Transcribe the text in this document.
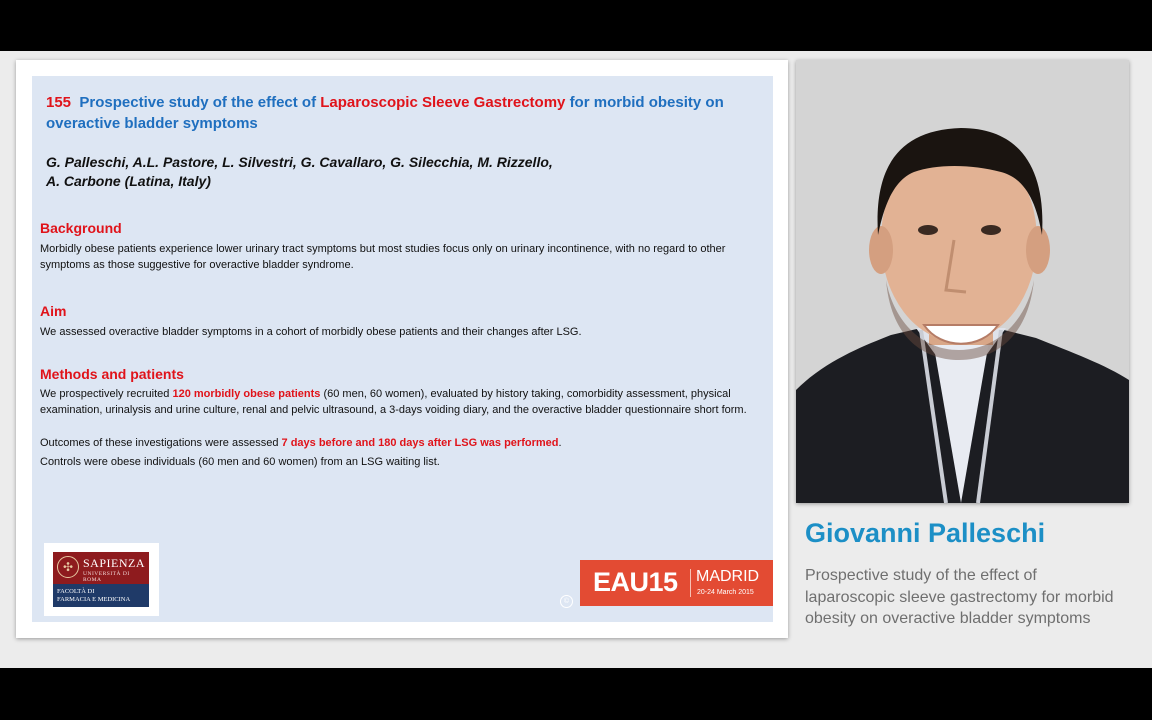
155 Prospective study of the effect of Laparoscopic Sleeve Gastrectomy for morbid obesity on overactive bladder symptoms
G. Palleschi, A.L. Pastore, L. Silvestri, G. Cavallaro, G. Silecchia, M. Rizzello,
A. Carbone (Latina, Italy)
Background
Morbidly obese patients experience lower urinary tract symptoms but most studies focus only on urinary incontinence, with no regard to other symptoms as those suggestive for overactive bladder syndrome.
Aim
We assessed overactive bladder symptoms in a cohort of morbidly obese patients and their changes after LSG.
Methods and patients
We prospectively recruited 120 morbidly obese patients (60 men, 60 women), evaluated by history taking, comorbidity assessment, physical examination, urinalysis and urine culture, renal and pelvic ultrasound, a 3-days voiding diary, and the overactive bladder questionnaire short form.
Outcomes of these investigations were assessed 7 days before and 180 days after LSG was performed.
Controls were obese individuals (60 men and 60 women) from an LSG waiting list.
✣ SAPIENZA
UNIVERSITÀ DI ROMA
FACOLTÀ DI
FARMACIA E MEDICINA	©
EAU15 MADRID
20-24 March 2015
Giovanni Palleschi
Prospective study of the effect of laparoscopic sleeve gastrectomy for morbid obesity on overactive bladder symptoms
